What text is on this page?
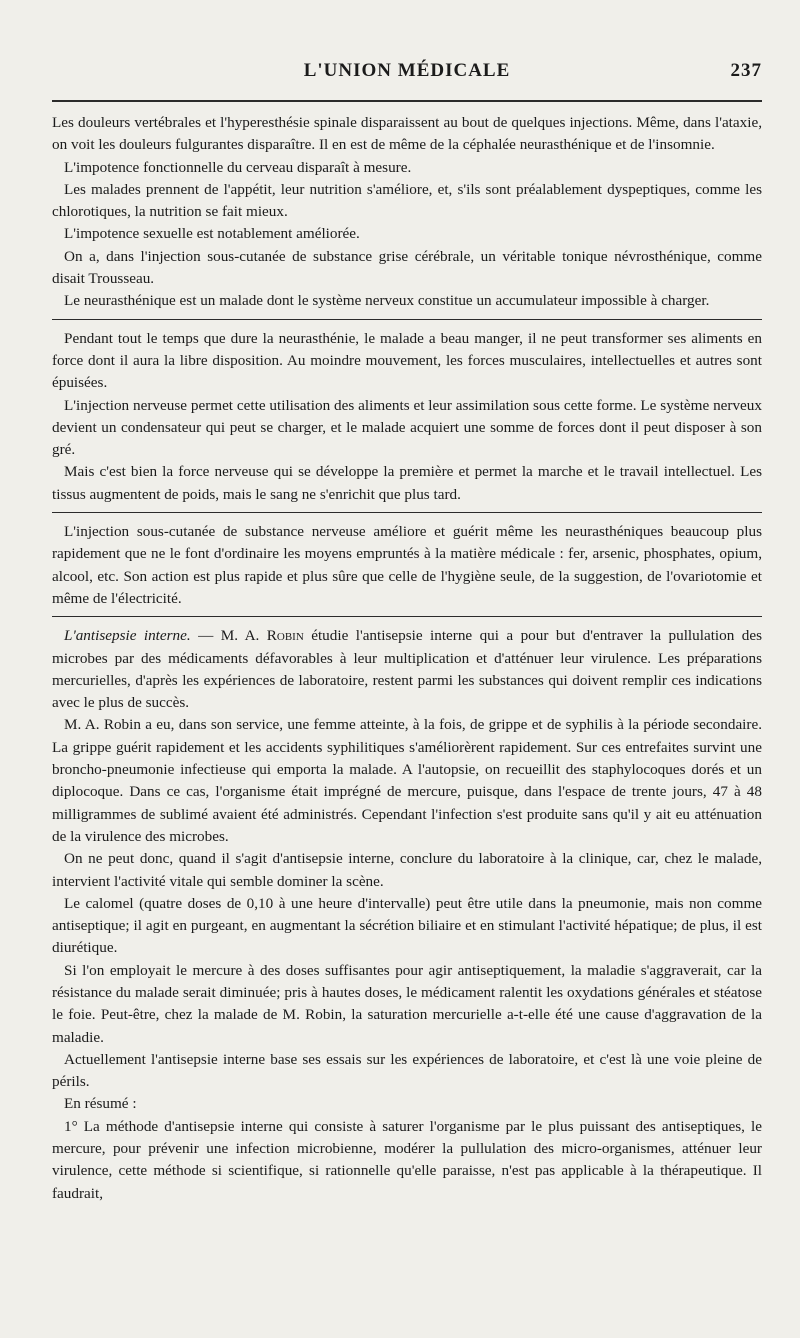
L'UNION MÉDICALE	237

Les douleurs vertébrales et l'hyperesthésie spinale disparaissent au bout de quelques injections. Même, dans l'ataxie, on voit les douleurs fulgurantes disparaître. Il en est de même de la céphalée neurasthénique et de l'insomnie.

L'impotence fonctionnelle du cerveau disparaît à mesure.

Les malades prennent de l'appétit, leur nutrition s'améliore, et, s'ils sont préalablement dyspeptiques, comme les chlorotiques, la nutrition se fait mieux.

L'impotence sexuelle est notablement améliorée.

On a, dans l'injection sous-cutanée de substance grise cérébrale, un véritable tonique névrosthénique, comme disait Trousseau.

Le neurasthénique est un malade dont le système nerveux constitue un accumulateur impossible à charger.

Pendant tout le temps que dure la neurasthénie, le malade a beau manger, il ne peut transformer ses aliments en force dont il aura la libre disposition. Au moindre mouvement, les forces musculaires, intellectuelles et autres sont épuisées.

L'injection nerveuse permet cette utilisation des aliments et leur assimilation sous cette forme. Le système nerveux devient un condensateur qui peut se charger, et le malade acquiert une somme de forces dont il peut disposer à son gré.

Mais c'est bien la force nerveuse qui se développe la première et permet la marche et le travail intellectuel. Les tissus augmentent de poids, mais le sang ne s'enrichit que plus tard.

L'injection sous-cutanée de substance nerveuse améliore et guérit même les neurasthéniques beaucoup plus rapidement que ne le font d'ordinaire les moyens empruntés à la matière médicale : fer, arsenic, phosphates, opium, alcool, etc. Son action est plus rapide et plus sûre que celle de l'hygiène seule, de la suggestion, de l'ovariotomie et même de l'électricité.

L'antisepsie interne. — M. A. Robin étudie l'antisepsie interne qui a pour but d'entraver la pullulation des microbes par des médicaments défavorables à leur multiplication et d'atténuer leur virulence. Les préparations mercurielles, d'après les expériences de laboratoire, restent parmi les substances qui doivent remplir ces indications avec le plus de succès.

M. A. Robin a eu, dans son service, une femme atteinte, à la fois, de grippe et de syphilis à la période secondaire. La grippe guérit rapidement et les accidents syphilitiques s'améliorèrent rapidement. Sur ces entrefaites survint une broncho-pneumonie infectieuse qui emporta la malade. A l'autopsie, on recueillit des staphylocoques dorés et un diplocoque. Dans ce cas, l'organisme était imprégné de mercure, puisque, dans l'espace de trente jours, 47 à 48 milligrammes de sublimé avaient été administrés. Cependant l'infection s'est produite sans qu'il y ait eu atténuation de la virulence des microbes.

On ne peut donc, quand il s'agit d'antisepsie interne, conclure du laboratoire à la clinique, car, chez le malade, intervient l'activité vitale qui semble dominer la scène.

Le calomel (quatre doses de 0,10 à une heure d'intervalle) peut être utile dans la pneumonie, mais non comme antiseptique; il agit en purgeant, en augmentant la sécrétion biliaire et en stimulant l'activité hépatique; de plus, il est diurétique.

Si l'on employait le mercure à des doses suffisantes pour agir antiseptiquement, la maladie s'aggraverait, car la résistance du malade serait diminuée; pris à hautes doses, le médicament ralentit les oxydations générales et stéatose le foie. Peut-être, chez la malade de M. Robin, la saturation mercurielle a-t-elle été une cause d'aggravation de la maladie.

Actuellement l'antisepsie interne base ses essais sur les expériences de laboratoire, et c'est là une voie pleine de périls.

En résumé :

1° La méthode d'antisepsie interne qui consiste à saturer l'organisme par le plus puissant des antiseptiques, le mercure, pour prévenir une infection microbienne, modérer la pullulation des micro-organismes, atténuer leur virulence, cette méthode si scientifique, si rationnelle qu'elle paraisse, n'est pas applicable à la thérapeutique. Il faudrait,
